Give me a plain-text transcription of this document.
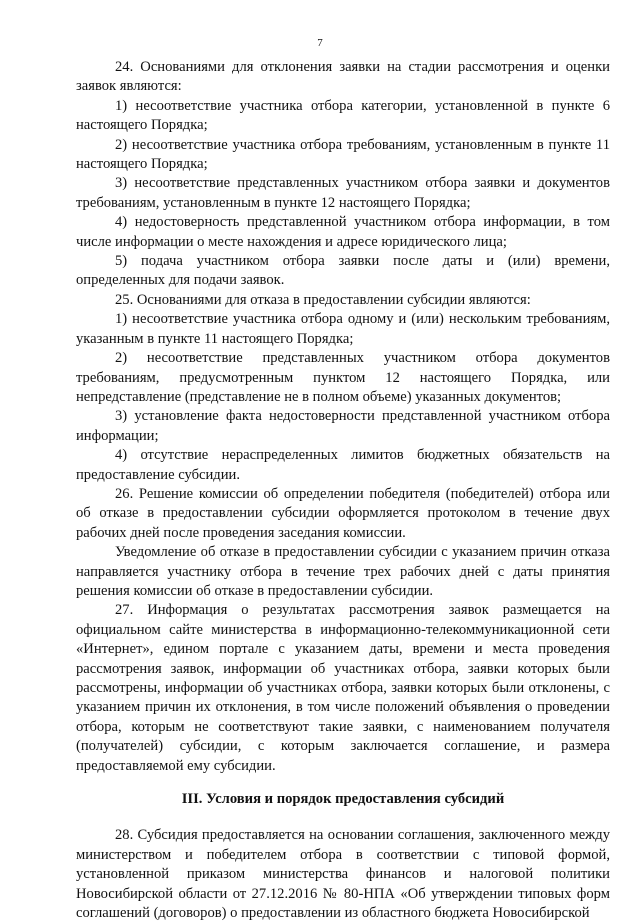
7

24. Основаниями для отклонения заявки на стадии рассмотрения и оценки заявок являются:

1) несоответствие участника отбора категории, установленной в пункте 6 настоящего Порядка;

2) несоответствие участника отбора требованиям, установленным в пункте 11 настоящего Порядка;

3) несоответствие представленных участником отбора заявки и документов требованиям, установленным в пункте 12 настоящего Порядка;

4) недостоверность представленной участником отбора информации, в том числе информации о месте нахождения и адресе юридического лица;

5) подача участником отбора заявки после даты и (или) времени, определенных для подачи заявок.

25. Основаниями для отказа в предоставлении субсидии являются:

1) несоответствие участника отбора одному и (или) нескольким требованиям, указанным в пункте 11 настоящего Порядка;

2) несоответствие представленных участником отбора документов требованиям, предусмотренным пунктом 12 настоящего Порядка, или непредставление (представление не в полном объеме) указанных документов;

3) установление факта недостоверности представленной участником отбора информации;

4) отсутствие нераспределенных лимитов бюджетных обязательств на предоставление субсидии.

26. Решение комиссии об определении победителя (победителей) отбора или об отказе в предоставлении субсидии оформляется протоколом в течение двух рабочих дней после проведения заседания комиссии.

Уведомление об отказе в предоставлении субсидии с указанием причин отказа направляется участнику отбора в течение трех рабочих дней с даты принятия решения комиссии об отказе в предоставлении субсидии.

27. Информация о результатах рассмотрения заявок размещается на официальном сайте министерства в информационно-телекоммуникационной сети «Интернет», едином портале с указанием даты, времени и места проведения рассмотрения заявок, информации об участниках отбора, заявки которых были рассмотрены, информации об участниках отбора, заявки которых были отклонены, с указанием причин их отклонения, в том числе положений объявления о проведении отбора, которым не соответствуют такие заявки, с наименованием получателя (получателей) субсидии, с которым заключается соглашение, и размера предоставляемой ему субсидии.

III. Условия и порядок предоставления субсидий

28. Субсидия предоставляется на основании соглашения, заключенного между министерством и победителем отбора в соответствии с типовой формой, установленной приказом министерства финансов и налоговой политики Новосибирской области от 27.12.2016 № 80-НПА «Об утверждении типовых форм соглашений (договоров) о предоставлении из областного бюджета Новосибирской
